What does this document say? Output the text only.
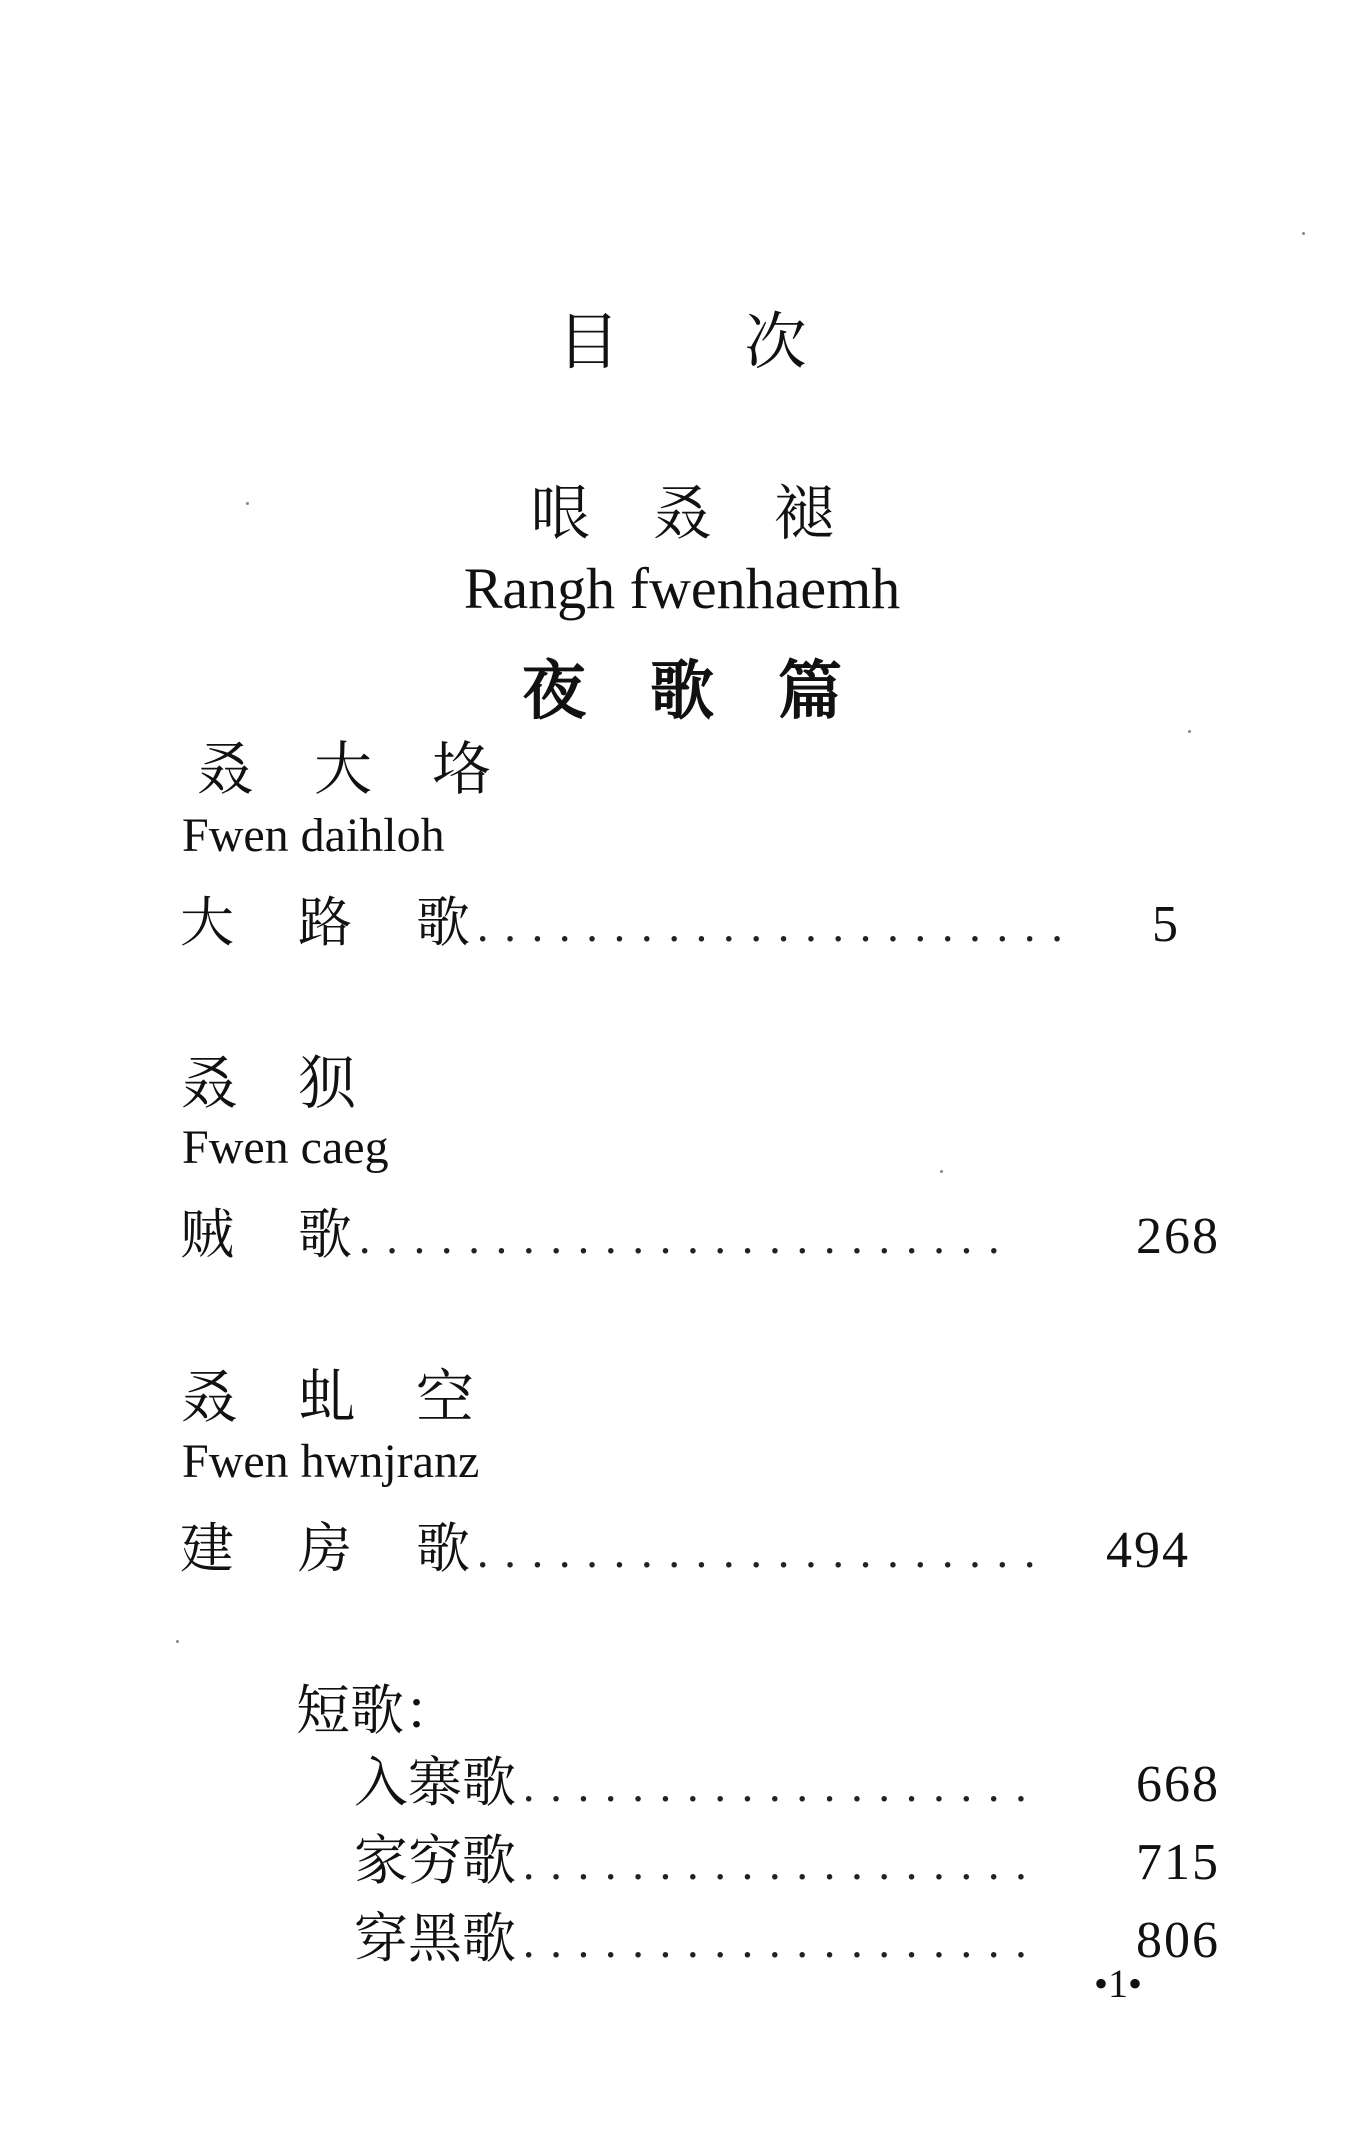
目 次
哏 叒 褪
Rangh fwenhaemh
夜 歌 篇
叒 大 垎
Fwen daihloh
大 路 歌 ......................	5
叒 狈
Fwen caeg
贼 歌 ........................	268
叒 虬 空
Fwen hwnjranz
建 房 歌 .....................	494
短歌：
入寨歌 ...................	668
家穷歌 ...................	715
穿黑歌 ...................	806
•1•
